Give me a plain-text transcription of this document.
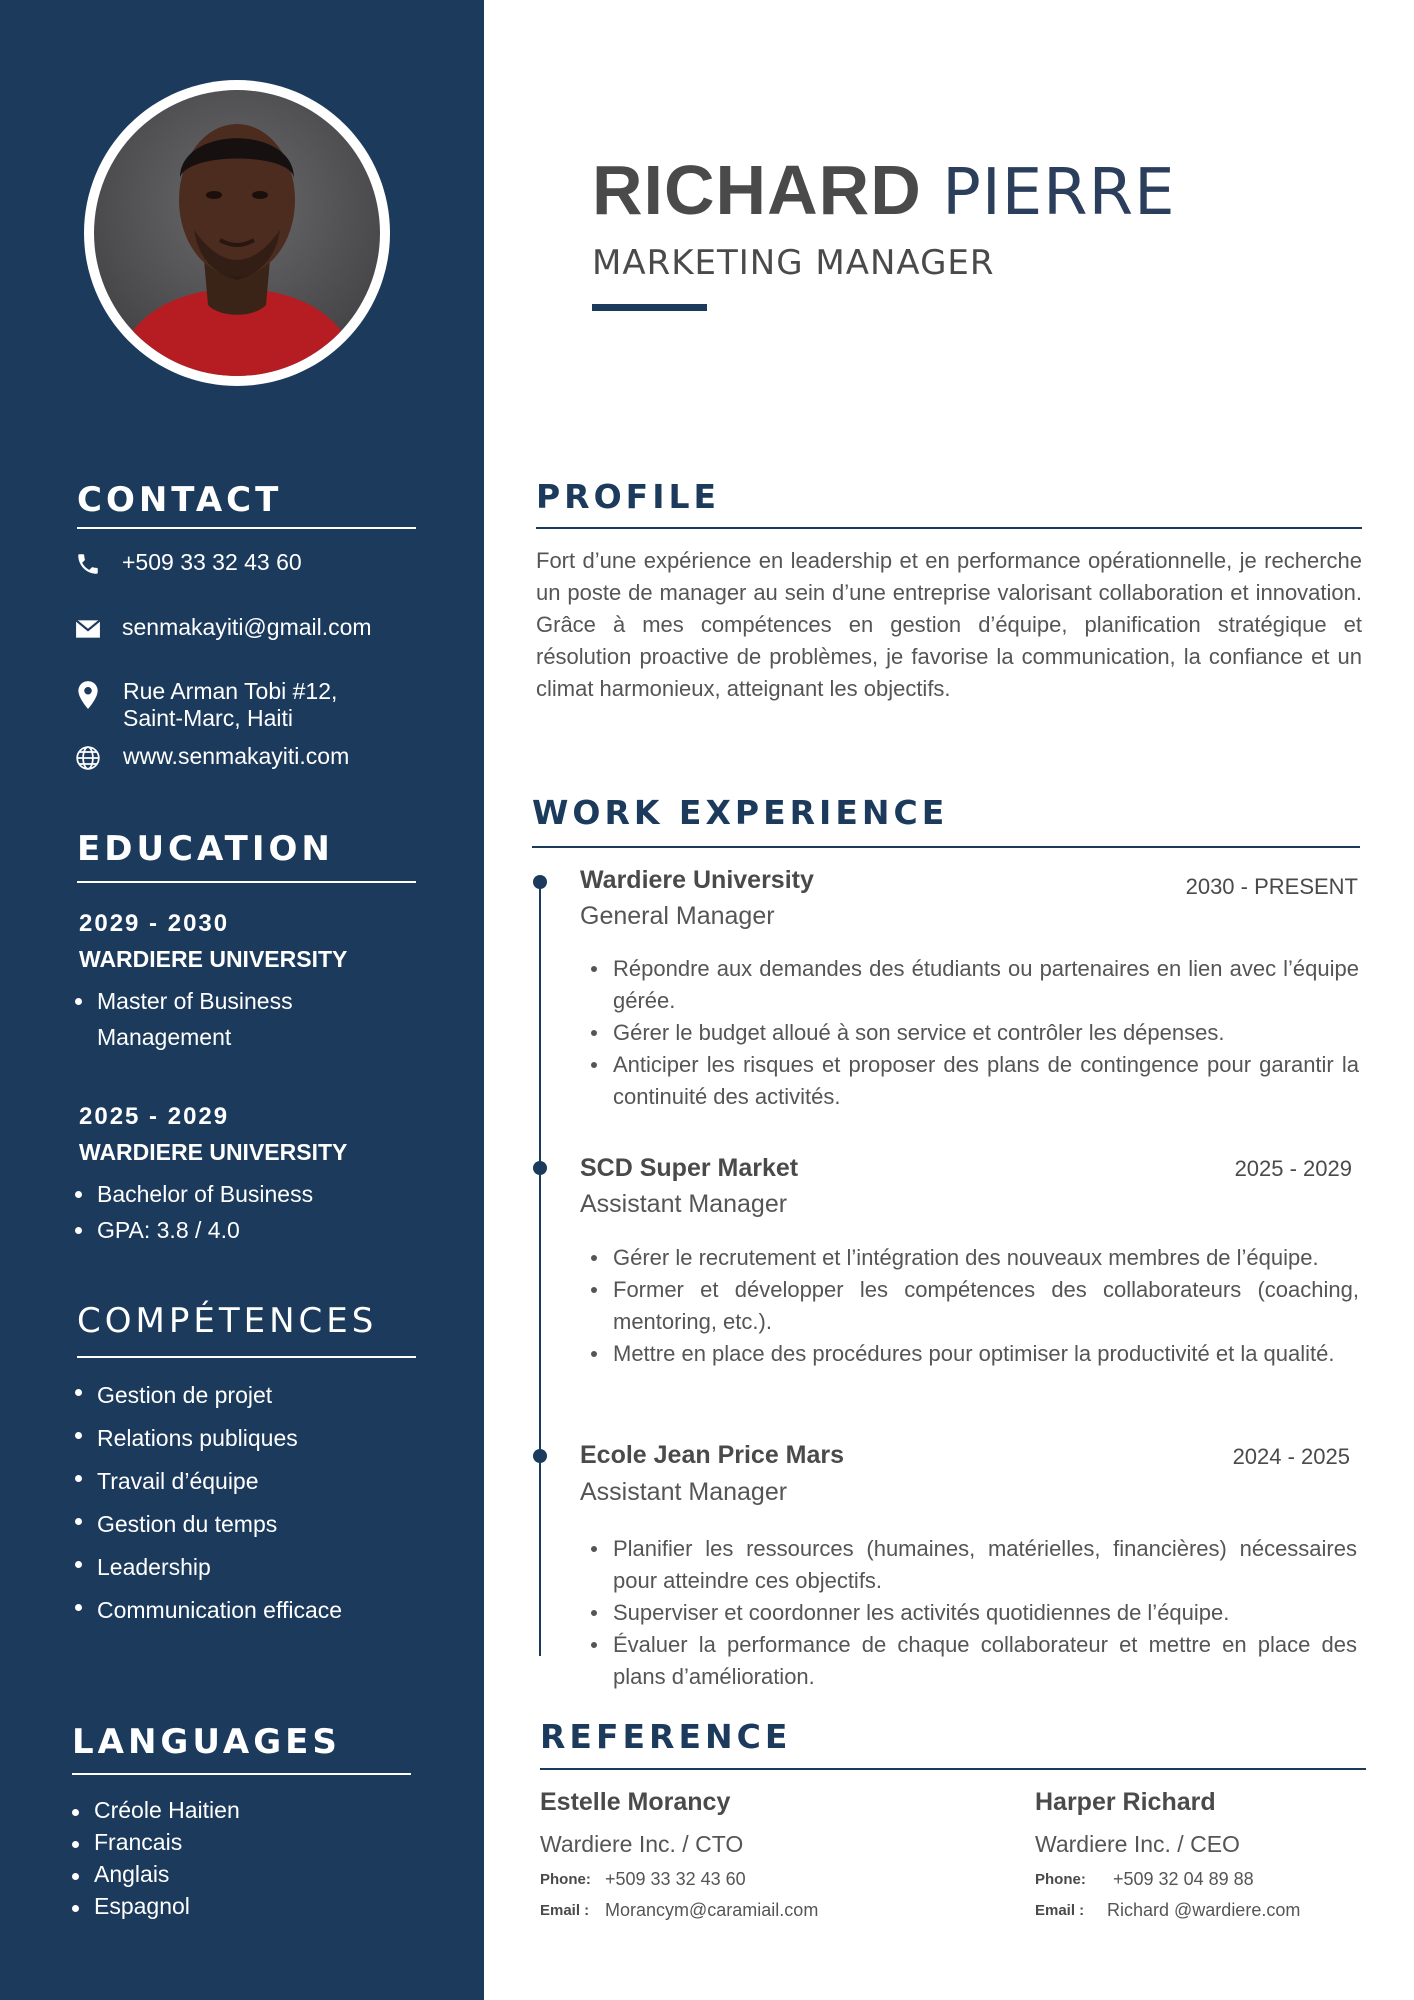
CONTACT
+509 33 32 43 60
senmakayiti@gmail.com
Rue Arman Tobi #12,
Saint-Marc, Haiti
www.senmakayiti.com
EDUCATION
2029 - 2030
WARDIERE UNIVERSITY
Master of Business
Management
2025 - 2029
WARDIERE UNIVERSITY
Bachelor of Business
GPA: 3.8 / 4.0
COMPÉTENCES
Gestion de projet
Relations publiques
Travail d’équipe
Gestion du temps
Leadership
Communication efficace
LANGUAGES
Créole Haitien
Francais
Anglais
Espagnol
RICHARD PIERRE
MARKETING MANAGER
PROFILE
Fort d’une expérience en leadership et en performance opérationnelle, je recherche un poste de manager au sein d’une entreprise valorisant collaboration et innovation. Grâce à mes compétences en gestion d’équipe, planification stratégique et résolution proactive de problèmes, je favorise la communication, la confiance et un climat harmonieux, atteignant les objectifs.
WORK EXPERIENCE
Wardiere University	2030 - PRESENT
General Manager
Répondre aux demandes des étudiants ou partenaires en lien avec l’équipe gérée.
Gérer le budget alloué à son service et contrôler les dépenses.
Anticiper les risques et proposer des plans de contingence pour garantir la continuité des activités.
SCD Super Market	2025 - 2029
Assistant Manager
Gérer le recrutement et l’intégration des nouveaux membres de l’équipe.
Former et développer les compétences des collaborateurs (coaching, mentoring, etc.).
Mettre en place des procédures pour optimiser la productivité et la qualité.
Ecole Jean Price Mars	2024 - 2025
Assistant Manager
Planifier les ressources (humaines, matérielles, financières) nécessaires pour atteindre ces objectifs.
Superviser et coordonner les activités quotidiennes de l’équipe.
Évaluer la performance de chaque collaborateur et mettre en place des plans d’amélioration.
REFERENCE
Estelle Morancy
Wardiere Inc. / CTO
Phone: +509 33 32 43 60
Email : Morancym@caramiail.com
Harper Richard
Wardiere Inc. / CEO
Phone: +509 32 04 89 88
Email : Richard @wardiere.com
